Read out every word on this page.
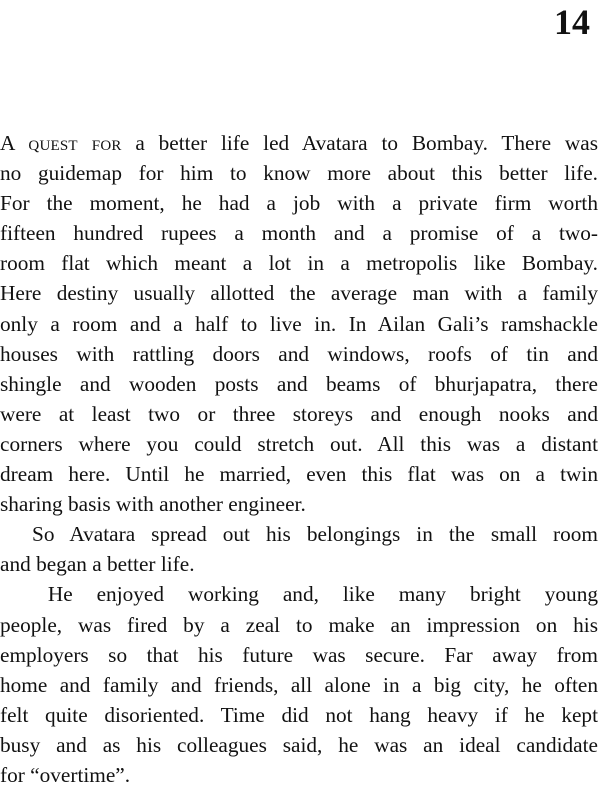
14
A quest for a better life led Avatara to Bombay. There was
no guidemap for him to know more about this better life.
For the moment, he had a job with a private firm worth
fifteen hundred rupees a month and a promise of a two-
room flat which meant a lot in a metropolis like Bombay.
Here destiny usually allotted the average man with a family
only a room and a half to live in. In Ailan Gali’s ramshackle
houses with rattling doors and windows, roofs of tin and
shingle and wooden posts and beams of bhurjapatra, there
were at least two or three storeys and enough nooks and
corners where you could stretch out. All this was a distant
dream here. Until he married, even this flat was on a twin
sharing basis with another engineer.
So Avatara spread out his belongings in the small room
and began a better life.
He enjoyed working and, like many bright young
people, was fired by a zeal to make an impression on his
employers so that his future was secure. Far away from
home and family and friends, all alone in a big city, he often
felt quite disoriented. Time did not hang heavy if he kept
busy and as his colleagues said, he was an ideal candidate
for “overtime”.
